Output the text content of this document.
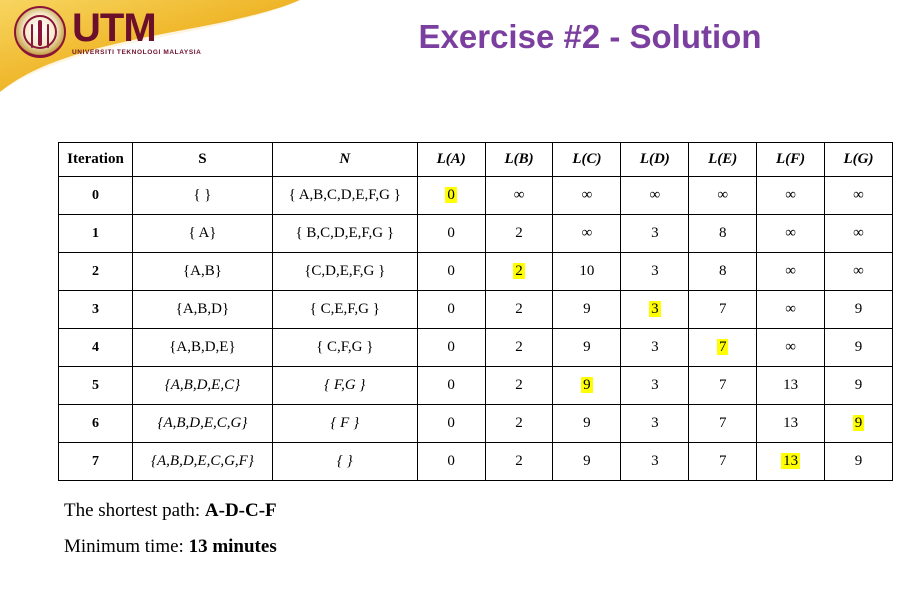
UTM
UNIVERSITI TEKNOLOGI MALAYSIA	Exercise #2 - Solution
Iteration	S	N	L(A)	L(B)	L(C)	L(D)	L(E)	L(F)	L(G)
0	{ }	{ A,B,C,D,E,F,G }	0	∞	∞	∞	∞	∞	∞
1	{ A}	{ B,C,D,E,F,G }	0	2	∞	3	8	∞	∞
2	{A,B}	{C,D,E,F,G }	0	2	10	3	8	∞	∞
3	{A,B,D}	{ C,E,F,G }	0	2	9	3	7	∞	9
4	{A,B,D,E}	{ C,F,G }	0	2	9	3	7	∞	9
5	{A,B,D,E,C}	{ F,G }	0	2	9	3	7	13	9
6	{A,B,D,E,C,G}	{ F }	0	2	9	3	7	13	9
7	{A,B,D,E,C,G,F}	{ }	0	2	9	3	7	13	9
The shortest path: A-D-C-F
Minimum time: 13 minutes
